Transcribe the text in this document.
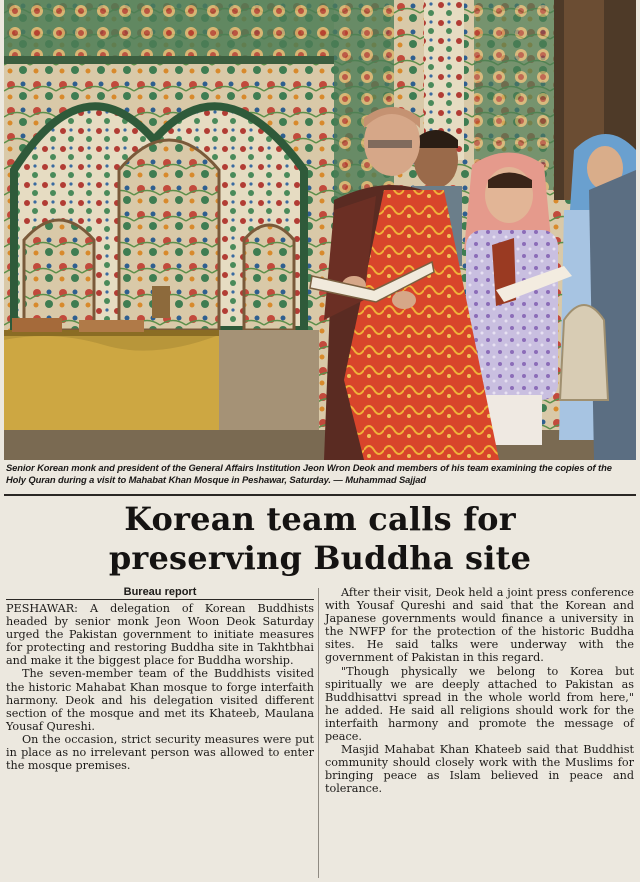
Senior Korean monk and president of the General Affairs Institution Jeon Wron Deok and members of his team examining the copies of the Holy Quran during a visit to Mahabat Khan Mosque in Peshawar, Saturday. — Muhammad Sajjad
Korean team calls for
preserving Buddha site
Bureau report

PESHAWAR: A delegation of Korean Buddhists headed by senior monk Jeon Woon Deok Saturday urged the Pakistan government to initiate measures for protecting and restoring Buddha site in Takhtbhai and make it the biggest place for Buddha worship.

The seven-member team of the Buddhists visited the historic Mahabat Khan mosque to forge interfaith harmony. Deok and his delegation visited different section of the mosque and met its Khateeb, Maulana Yousaf Qureshi.

On the occasion, strict security measures were put in place as no irrelevant person was allowed to enter the mosque premises.

After their visit, Deok held a joint press conference with Yousaf Qureshi and said that the Korean and Japanese governments would finance a university in the NWFP for the protection of the historic Buddha sites. He said talks were underway with the government of Pakistan in this regard.

"Though physically we belong to Korea but spiritually we are deeply attached to Pakistan as Buddhisattvi spread in the whole world from here," he added. He said all religions should work for the interfaith harmony and promote the message of peace.

Masjid Mahabat Khan Khateeb said that Buddhist community should closely work with the Muslims for bringing peace as Islam believed in peace and tolerance.
